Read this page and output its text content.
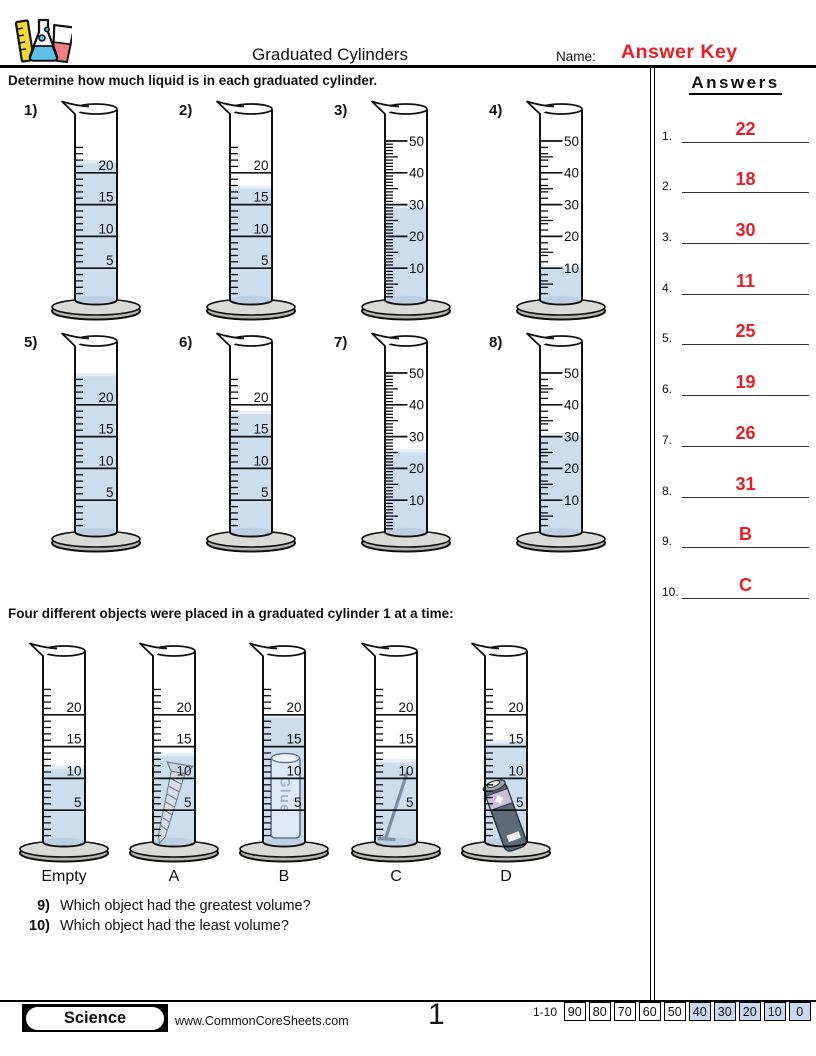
Graduated Cylinders	Name: Answer Key
Answers
1.	22
2.	18
3.	30
4.	11
5.	25
6.	19
7.	26
8.	31
9.	B
10.	C
Determine how much liquid is in each graduated cylinder.
1)
5
10
15
20
2)
5
10
15
20
3)
10
20
30
40
50
4)
10
20
30
40
50
5)
5
10
15
20
6)
5
10
15
20
7)
10
20
30
40
50
8)
10
20
30
40
50
Four different objects were placed in a graduated cylinder 1 at a time:
5
10
15
20
Empty
5
10
15
20
A
Glue 5
10
15
20
B
5
10
15
20
C
5
10
15
20
D
9) Which object had the greatest volume?
10) Which object had the least volume?
Science	www.CommonCoreSheets.com	1	1-10 90 80 70 60 50 40 30 20 10	0
